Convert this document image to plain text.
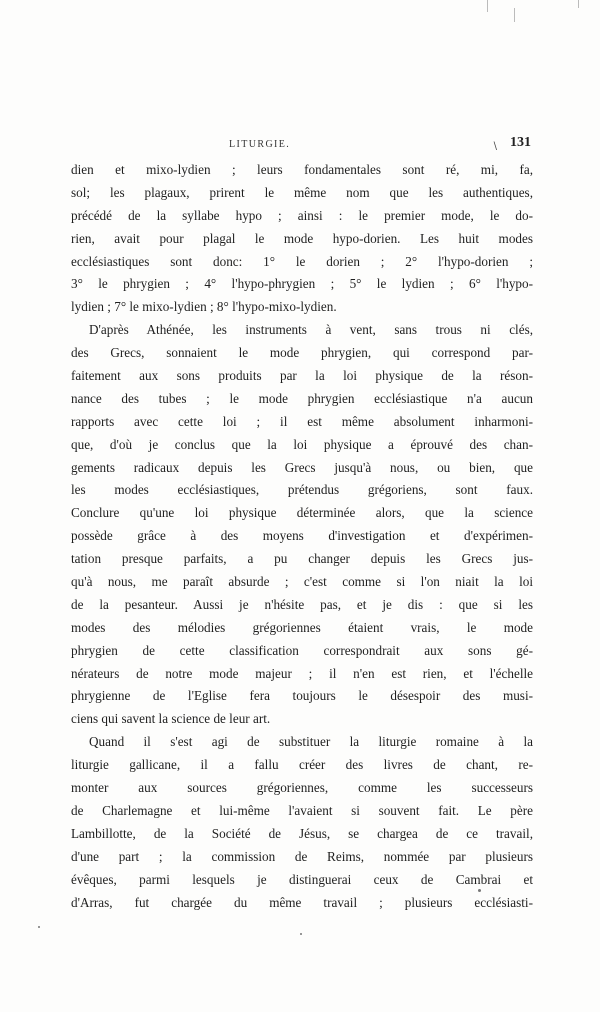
LITURGIE.	\ 131
dien et mixo-lydien ; leurs fondamentales sont ré, mi, fa,
sol; les plagaux, prirent le même nom que les authentiques,
précédé de la syllabe hypo ; ainsi : le premier mode, le do-
rien, avait pour plagal le mode hypo-dorien. Les huit modes
ecclésiastiques sont donc: 1° le dorien ; 2° l'hypo-dorien ;
3° le phrygien ; 4° l'hypo-phrygien ; 5° le lydien ; 6° l'hypo-
lydien ; 7° le mixo-lydien ; 8° l'hypo-mixo-lydien.
D'après Athénée, les instruments à vent, sans trous ni clés,
des Grecs, sonnaient le mode phrygien, qui correspond par-
faitement aux sons produits par la loi physique de la réson-
nance des tubes ; le mode phrygien ecclésiastique n'a aucun
rapports avec cette loi ; il est même absolument inharmoni-
que, d'où je conclus que la loi physique a éprouvé des chan-
gements radicaux depuis les Grecs jusqu'à nous, ou bien, que
les modes ecclésiastiques, prétendus grégoriens, sont faux.
Conclure qu'une loi physique déterminée alors, que la science
possède grâce à des moyens d'investigation et d'expérimen-
tation presque parfaits, a pu changer depuis les Grecs jus-
qu'à nous, me paraît absurde ; c'est comme si l'on niait la loi
de la pesanteur. Aussi je n'hésite pas, et je dis : que si les
modes des mélodies grégoriennes étaient vrais, le mode
phrygien de cette classification correspondrait aux sons gé-
nérateurs de notre mode majeur ; il n'en est rien, et l'échelle
phrygienne de l'Eglise fera toujours le désespoir des musi-
ciens qui savent la science de leur art.
Quand il s'est agi de substituer la liturgie romaine à la
liturgie gallicane, il a fallu créer des livres de chant, re-
monter aux sources grégoriennes, comme les successeurs
de Charlemagne et lui-même l'avaient si souvent fait. Le père
Lambillotte, de la Société de Jésus, se chargea de ce travail,
d'une part ; la commission de Reims, nommée par plusieurs
évêques, parmi lesquels je distinguerai ceux de Cambrai et
d'Arras, fut chargée du même travail ; plusieurs ecclésiasti-
